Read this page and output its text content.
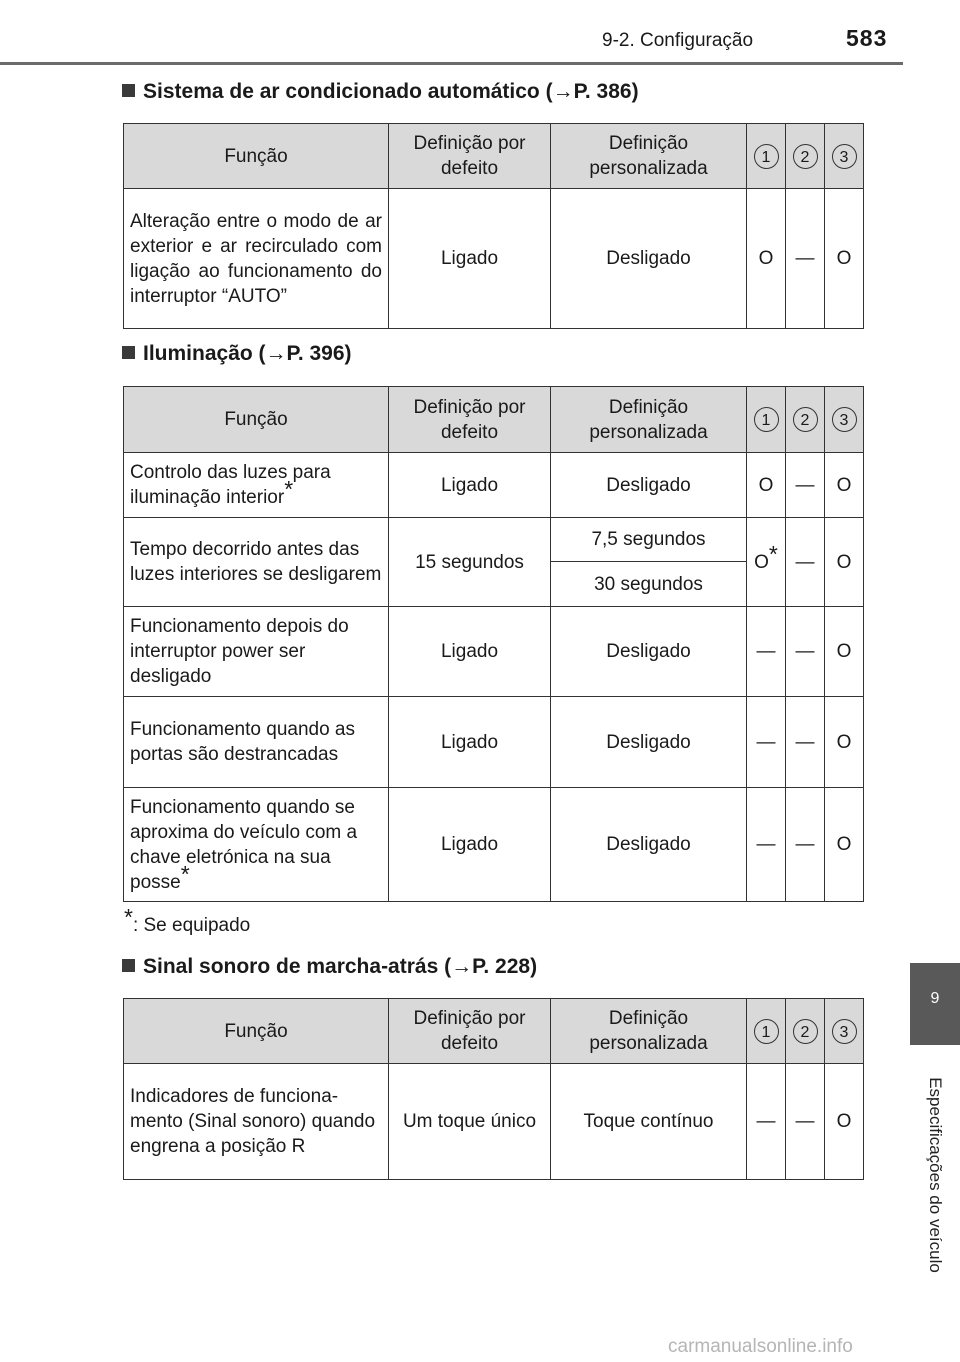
9-2. Configuração	583
9
Especificações do veículo
Sistema de ar condicionado automático (→P. 386)
Função	Definição por defeito	Definição personalizada	1	2	3
Alteração entre o modo de ar exterior e ar recirculado com ligação ao funcionamento do interruptor “AUTO”	Ligado	Desligado	O	—	O
Iluminação (→P. 396)
Função	Definição por defeito	Definição personalizada	1	2	3
Controlo das luzes para iluminação interior*	Ligado	Desligado	O	—	O
Tempo decorrido antes das luzes interiores se desligarem	15 segundos	7,5 segundos	O*	—	O
		30 segundos			
Funcionamento depois do interruptor power ser desligado	Ligado	Desligado	—	—	O
Funcionamento quando as portas são destrancadas	Ligado	Desligado	—	—	O
Funcionamento quando se aproxima do veículo com a chave eletrónica na sua posse*	Ligado	Desligado	—	—	O
*: Se equipado
Sinal sonoro de marcha-atrás (→P. 228)
Função	Definição por defeito	Definição personalizada	1	2	3
Indicadores de funcionamento (Sinal sonoro) quando engrena a posição R	Um toque único	Toque contínuo	—	—	O
carmanualsonline.info
